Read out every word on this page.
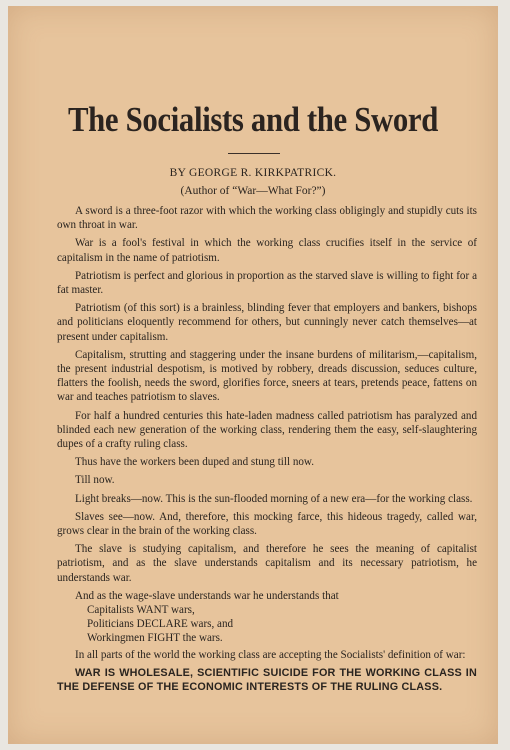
The Socialists and the Sword
BY GEORGE R. KIRKPATRICK.
(Author of “War—What For?”)

A sword is a three-foot razor with which the working class obligingly and stupidly cuts its own throat in war.

War is a fool's festival in which the working class crucifies itself in the service of capitalism in the name of patriotism.

Patriotism is perfect and glorious in proportion as the starved slave is willing to fight for a fat master.

Patriotism (of this sort) is a brainless, blinding fever that employers and bankers, bishops and politicians eloquently recommend for others, but cunningly never catch themselves—at present under capitalism.

Capitalism, strutting and staggering under the insane burdens of militarism,—capitalism, the present industrial despotism, is motived by robbery, dreads discussion, seduces culture, flatters the foolish, needs the sword, glorifies force, sneers at tears, pretends peace, fattens on war and teaches patriotism to slaves.

For half a hundred centuries this hate-laden madness called patriotism has paralyzed and blinded each new generation of the working class, rendering them the easy, self-slaughtering dupes of a crafty ruling class.

Thus have the workers been duped and stung till now.

Till now.

Light breaks—now. This is the sun-flooded morning of a new era—for the working class.

Slaves see—now. And, therefore, this mocking farce, this hideous tragedy, called war, grows clear in the brain of the working class.

The slave is studying capitalism, and therefore he sees the meaning of capitalist patriotism, and as the slave understands capitalism and its necessary patriotism, he understands war.

And as the wage-slave understands war he understands that

Capitalists WANT wars,
Politicians DECLARE wars, and
Workingmen FIGHT the wars.

In all parts of the world the working class are accepting the Socialists' definition of war:

WAR IS WHOLESALE, SCIENTIFIC SUICIDE FOR THE WORKING CLASS IN THE DEFENSE OF THE ECONOMIC INTERESTS OF THE RULING CLASS.
